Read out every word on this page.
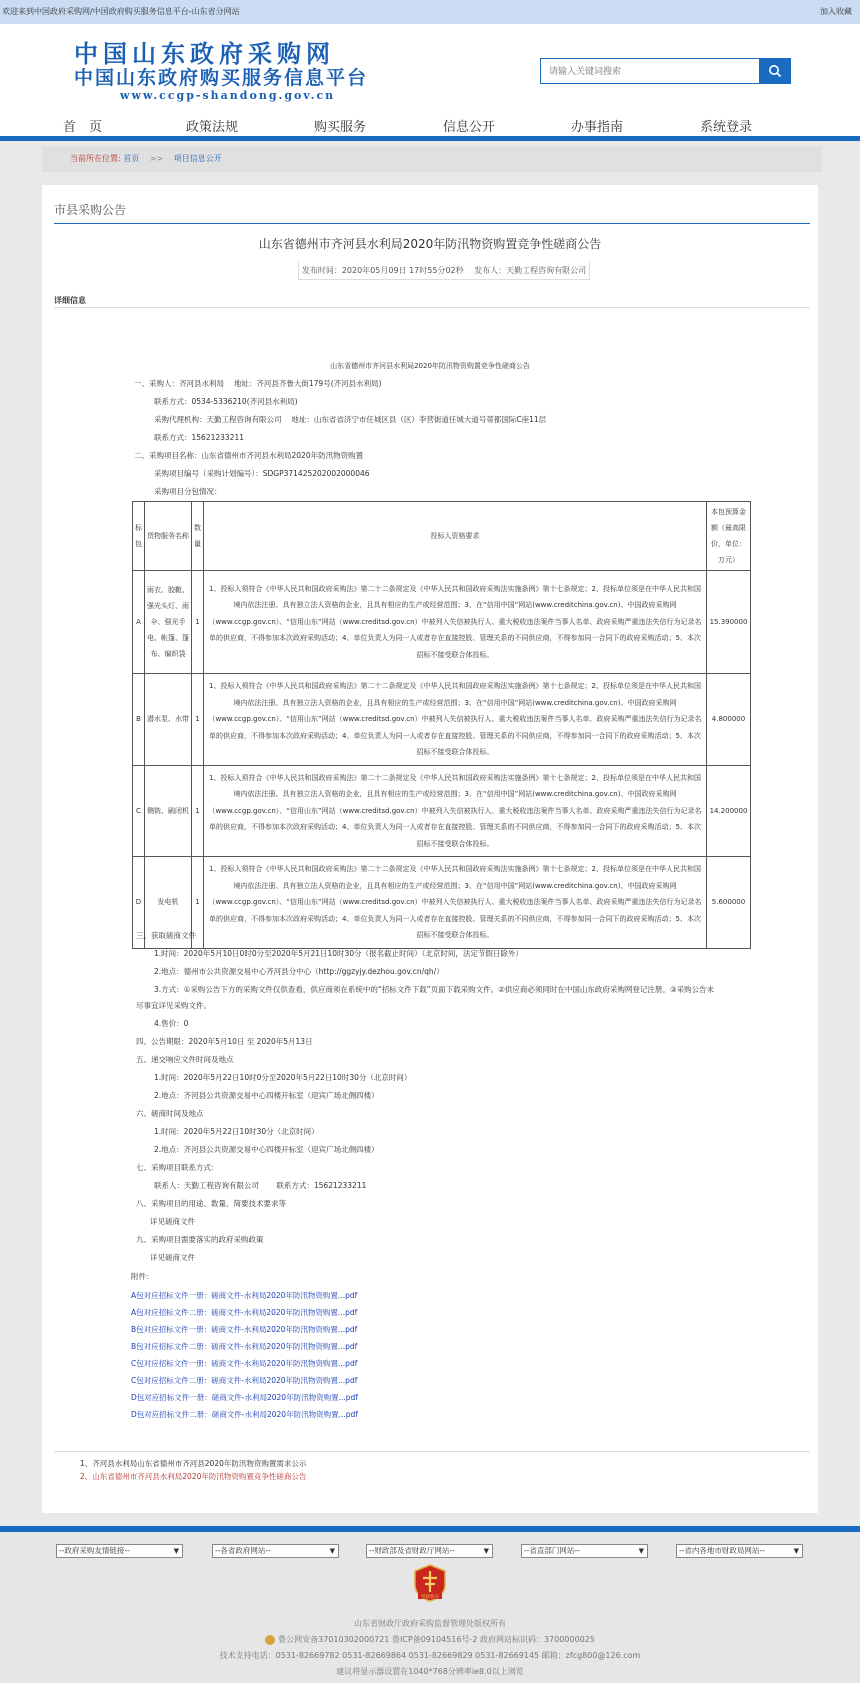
欢迎来到中国政府采购网/中国政府购买服务信息平台-山东省分网站	加入收藏
中国山东政府采购网
中国山东政府购买服务信息平台
www.ccgp-shandong.gov.cn
请输入关键词搜索
首　页	政策法规	购买服务	信息公开	办事指南	系统登录
当前所在位置: 首页 >> 项目信息公开
市县采购公告
山东省德州市齐河县水利局2020年防汛物资购置竞争性磋商公告
发布时间：2020年05月09日 17时55分02秒　 发布人：天勤工程咨询有限公司
详细信息
山东省德州市齐河县水利局2020年防汛物资购置竞争性磋商公告
一、采购人：齐河县水利局　 地址：齐河县齐鲁大街179号(齐河县水利局)
联系方式：0534-5336210(齐河县水利局)
采购代理机构：天勤工程咨询有限公司　 地址：山东省省济宁市任城区县（区）李营街道任城大道号蒂都国际C座11层
联系方式：15621233211
二、采购项目名称：山东省德州市齐河县水利局2020年防汛物资购置
采购项目编号（采购计划编号）：SDGP371425202002000046
采购项目分包情况：
标包	货物服务名称	数量	投标人资格要求	本包预算金额（最高限价，单位：万元）
A	雨衣、胶靴、强光头灯、雨伞、强光手电、帐篷、篷布、编织袋	1	1、投标人须符合《中华人民共和国政府采购法》第二十二条规定及《中华人民共和国政府采购法实施条例》第十七条规定；2、投标单位须是在中华人民共和国境内依法注册、具有独立法人资格的企业，且具有相应的生产或经营范围；3、在“信用中国”网站(www.creditchina.gov.cn)、中国政府采购网（www.ccgp.gov.cn）、“信用山东”网站（www.creditsd.gov.cn）中被列入失信被执行人、重大税收违法案件当事人名单、政府采购严重违法失信行为记录名单的供应商，不得参加本次政府采购活动；4、单位负责人为同一人或者存在直接控股、管理关系的不同供应商，不得参加同一合同下的政府采购活动；5、本次招标不接受联合体投标。	15.390000
B	潜水泵、水带	1	1、投标人须符合《中华人民共和国政府采购法》第二十二条规定及《中华人民共和国政府采购法实施条例》第十七条规定；2、投标单位须是在中华人民共和国境内依法注册、具有独立法人资格的企业，且具有相应的生产或经营范围；3、在“信用中国”网站(www.creditchina.gov.cn)、中国政府采购网（www.ccgp.gov.cn）、“信用山东”网站（www.creditsd.gov.cn）中被列入失信被执行人、重大税收违法案件当事人名单、政府采购严重违法失信行为记录名单的供应商，不得参加本次政府采购活动；4、单位负责人为同一人或者存在直接控股、管理关系的不同供应商，不得参加同一合同下的政府采购活动；5、本次招标不接受联合体投标。	4.800000
C	侧铣、刷闭机	1	1、投标人须符合《中华人民共和国政府采购法》第二十二条规定及《中华人民共和国政府采购法实施条例》第十七条规定；2、投标单位须是在中华人民共和国境内依法注册、具有独立法人资格的企业，且具有相应的生产或经营范围；3、在“信用中国”网站(www.creditchina.gov.cn)、中国政府采购网（www.ccgp.gov.cn）、“信用山东”网站（www.creditsd.gov.cn）中被列入失信被执行人、重大税收违法案件当事人名单、政府采购严重违法失信行为记录名单的供应商，不得参加本次政府采购活动；4、单位负责人为同一人或者存在直接控股、管理关系的不同供应商，不得参加同一合同下的政府采购活动；5、本次招标不接受联合体投标。	14.200000
D	发电机	1	1、投标人须符合《中华人民共和国政府采购法》第二十二条规定及《中华人民共和国政府采购法实施条例》第十七条规定；2、投标单位须是在中华人民共和国境内依法注册、具有独立法人资格的企业，且具有相应的生产或经营范围；3、在“信用中国”网站(www.creditchina.gov.cn)、中国政府采购网（www.ccgp.gov.cn）、“信用山东”网站（www.creditsd.gov.cn）中被列入失信被执行人、重大税收违法案件当事人名单、政府采购严重违法失信行为记录名单的供应商，不得参加本次政府采购活动；4、单位负责人为同一人或者存在直接控股、管理关系的不同供应商，不得参加同一合同下的政府采购活动；5、本次招标不接受联合体投标。	5.600000
三、获取磋商文件
1.时间：2020年5月10日0时0分至2020年5月21日10时30分（报名截止时间）（北京时间，法定节假日除外）
2.地点：德州市公共资源交易中心齐河县分中心（http://ggzyjy.dezhou.gov.cn/qh/）
3.方式：①采购公告下方的采购文件仅供查看，供应商须在系统中的“招标文件下载”页面下载采购文件。②供应商必须同时在中国山东政府采购网登记注册。③采购公告未
尽事宜详见采购文件。
4.售价：0
四、公告期限：2020年5月10日 至 2020年5月13日
五、递交响应文件时间及地点
1.时间：2020年5月22日10时0分至2020年5月22日10时30分（北京时间）
2.地点：齐河县公共资源交易中心四楼开标室（迎宾广场北侧四楼）
六、磋商时间及地点
1.时间：2020年5月22日10时30分（北京时间）
2.地点：齐河县公共资源交易中心四楼开标室（迎宾广场北侧四楼）
七、采购项目联系方式：
联系人：天勤工程咨询有限公司　　 联系方式：15621233211
八、采购项目的用途、数量、简要技术要求等
详见磋商文件
九、采购项目需要落实的政府采购政策
详见磋商文件
附件：
A包对应招标文件一册：磋商文件-水利局2020年防汛物资购置...pdf
A包对应招标文件二册：磋商文件-水利局2020年防汛物资购置...pdf
B包对应招标文件一册：磋商文件-水利局2020年防汛物资购置...pdf
B包对应招标文件二册：磋商文件-水利局2020年防汛物资购置...pdf
C包对应招标文件一册：磋商文件-水利局2020年防汛物资购置...pdf
C包对应招标文件二册：磋商文件-水利局2020年防汛物资购置...pdf
D包对应招标文件一册：磋商文件-水利局2020年防汛物资购置...pdf
D包对应招标文件二册：磋商文件-水利局2020年防汛物资购置...pdf
1、齐河县水利局山东省德州市齐河县2020年防汛物资购置需求公示
2、山东省德州市齐河县水利局2020年防汛物资购置竞争性磋商公告
--政府采购友情链接--	▼	--各省政府网站--	▼	--财政部及省财政厅网站--	▼	--省直部门网站--	▼	--省内各地市财政局网站--	▼
党政机关
山东省财政厅政府采购监督管理处版权所有
鲁公网安备37010302000721 鲁ICP备09104516号-2 政府网站标识码：3700000025
技术支持电话：0531-82669782 0531-82669864 0531-82669829 0531-82669145 邮箱：zfcg800@126.com
建议将显示器设置在1040*768分辨率ie8.0以上浏览
